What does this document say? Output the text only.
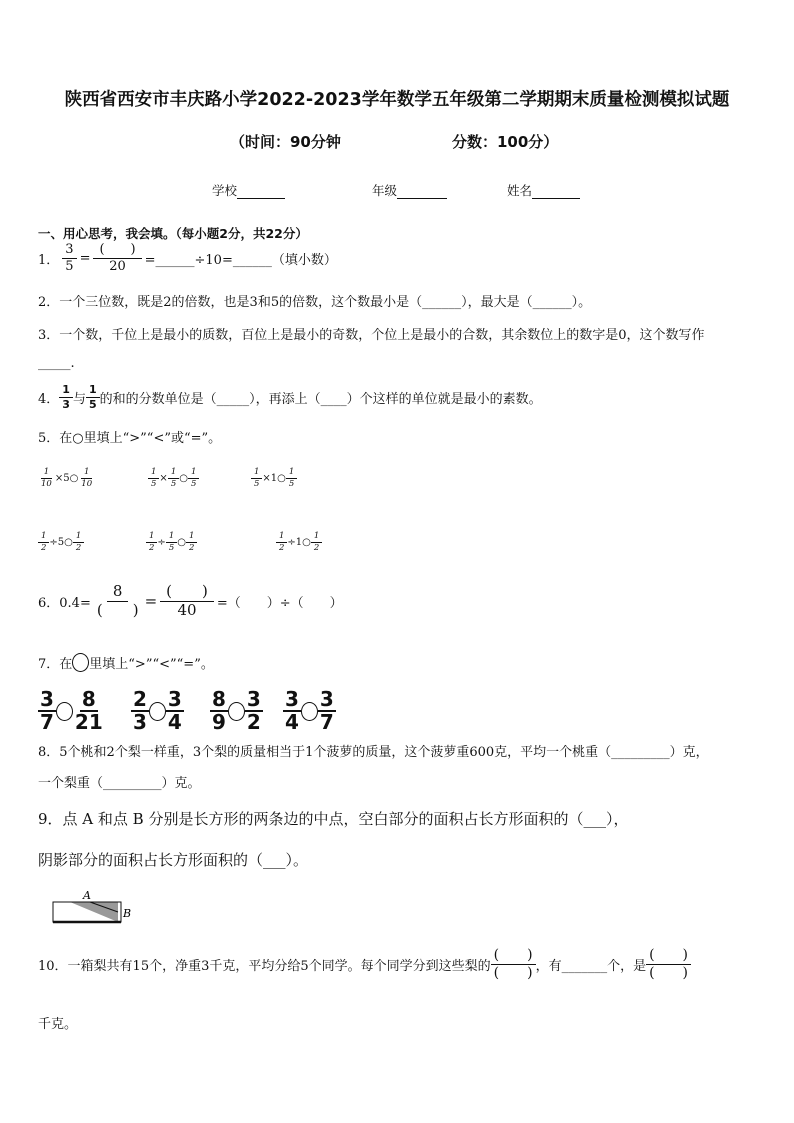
陕西省西安市丰庆路小学2022-2023学年数学五年级第二学期期末质量检测模拟试题
（时间：90分钟	分数：100分）
学校	年级	姓名
一、用心思考，我会填。（每小题2分，共22分）
1． $\frac{3}{5} = \frac{( )}{20}$ =______÷10=______（填小数）
2．一个三位数，既是2的倍数，也是3和5的倍数，这个数最小是（______），最大是（______）。
3．一个数，千位上是最小的质数，百位上是最小的奇数，个位上是最小的合数，其余数位上的数字是0，这个数写作
_____.
4． $\frac{1}{3}$ 与 $\frac{1}{5}$ 的和的分数单位是（_____），再添上（____）个这样的单位就是最小的素数。
5．在○里填上“>”“<”或“=”。
$\frac{1}{10}$ ×5○ $\frac{1}{10}$	$\frac{1}{5} \times \frac{1}{5}$ ○ $\frac{1}{5}$	$\frac{1}{5}$ ×1○ $\frac{1}{5}$
$\frac{1}{2}$ ÷5○ $\frac{1}{2}$	$\frac{1}{2} \div \frac{1}{5}$ ○ $\frac{1}{2}$	$\frac{1}{2}$ ÷1○ $\frac{1}{2}$
6．$0.4= \frac{8}{( )} = \frac{( )}{40}$ =（　　）÷（　　）
7．在 里填上“>”“<”“=”。
$\frac{3}{7} \frac{8}{21} \frac{2}{3} \frac{3}{4} \frac{8}{9} \frac{3}{2} \frac{3}{4} \frac{3}{7}$
8．5个桃和2个梨一样重，3个梨的质量相当于1个菠萝的质量，这个菠萝重600克，平均一个桃重（_________）克，
一个梨重（_________）克。
9．点 A 和点 B 分别是长方形的两条边的中点，空白部分的面积占长方形面积的（___），
阴影部分的面积占长方形面积的（___）。
A
B
10．一箱梨共有15个，净重3千克，平均分给5个同学。每个同学分到这些梨的 $\frac{( )}{( )}$ ，有_______个，是 $\frac{( )}{( )}$
千克。
